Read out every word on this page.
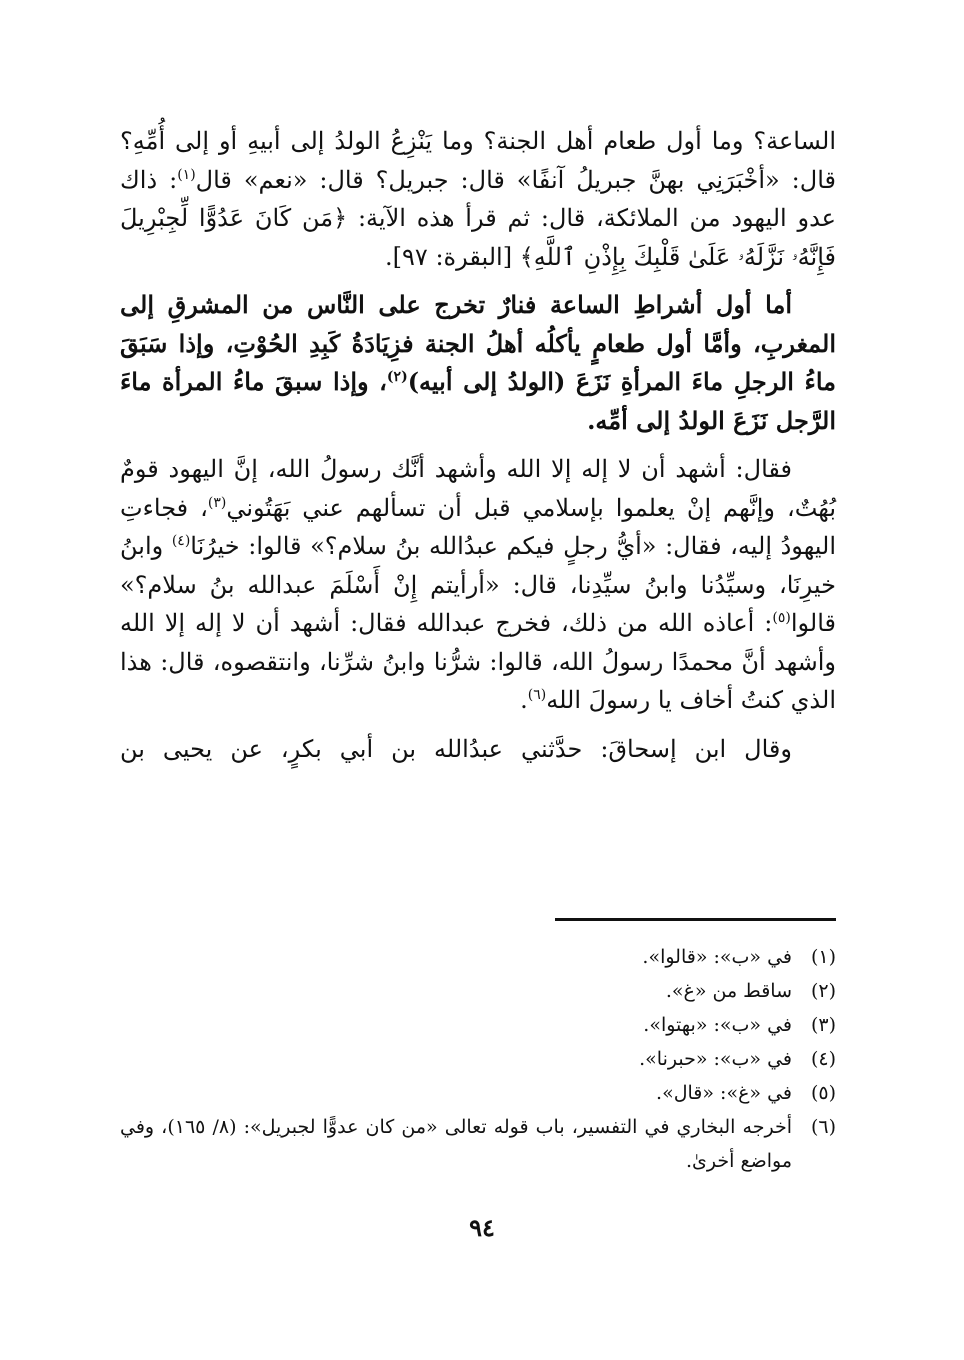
الساعة؟ وما أول طعام أهل الجنة؟ وما يَنْزِعُ الولدُ إلى أبيهِ أو إلى أُمِّهِ؟ قال: «أخْبَرَنِي بهنَّ جبريلُ آنفًا» قال: جبريل؟ قال: «نعم» قال$^{(١)}$: ذاك عدو اليهود من الملائكة، قال: ثم قرأ هذه الآية: ﴿مَن كَانَ عَدُوًّا لِّجِبْرِيلَ فَإِنَّهُۥ نَزَّلَهُۥ عَلَىٰ قَلْبِكَ بِإِذْنِ ٱللَّهِ﴾ [البقرة: ٩٧].

أما أول أشراطِ الساعة فنارٌ تخرج على النَّاس من المشرقِ إلى المغربِ، وأمَّا أول طعامٍ يأكلُه أهلُ الجنة فزِيَادَةُ كَبِدِ الحُوْتِ، وإذا سَبَقَ ماءُ الرجلِ ماءَ المرأةِ نَزَعَ (الولدُ إلى أبيه)$^{(٢)}$، وإذا سبقَ ماءُ المرأة ماءَ الرَّجل نَزَعَ الولدُ إلى أمِّه.

فقال: أشهد أن لا إله إلا الله وأشهد أنَّك رسولُ الله، إنَّ اليهود قومٌ بُهُتٌ، وإنَّهم إنْ يعلموا بإسلامي قبل أن تسألهم عني بَهَتُوني$^{(٣)}$، فجاءتِ اليهودُ إليه، فقال: «أيُّ رجلٍ فيكم عبدُالله بنُ سلام؟» قالوا: خيرُنَا$^{(٤)}$ وابنُ خيرِنَا، وسيِّدُنا وابنُ سيِّدِنا، قال: «أرأيتم إِنْ أَسْلَمَ عبدالله بنُ سلام؟» قالوا$^{(٥)}$: أعاذه الله من ذلك، فخرج عبدالله فقال: أشهد أن لا إله إلا الله وأشهد أنَّ محمدًا رسولُ الله، قالوا: شرُّنا وابنُ شرِّنا، وانتقصوه، قال: هذا الذي كنتُ أخاف يا رسولَ الله$^{(٦)}$.

وقال ابن إسحاقَ: حدَّثني عبدُالله بن أبي بكرٍ، عن يحيى بن

(١)
في «ب»: «قالوا».
(٢)
ساقط من «غ».
(٣)
في «ب»: «بهتوا».
(٤)
في «ب»: «حبرنا».
(٥)
في «غ»: «قال».
(٦)
أخرجه البخاري في التفسير، باب قوله تعالى «من كان عدوًّا لجبريل»: (٨/ ١٦٥)، وفي مواضع أخرىٰ.
٩٤
